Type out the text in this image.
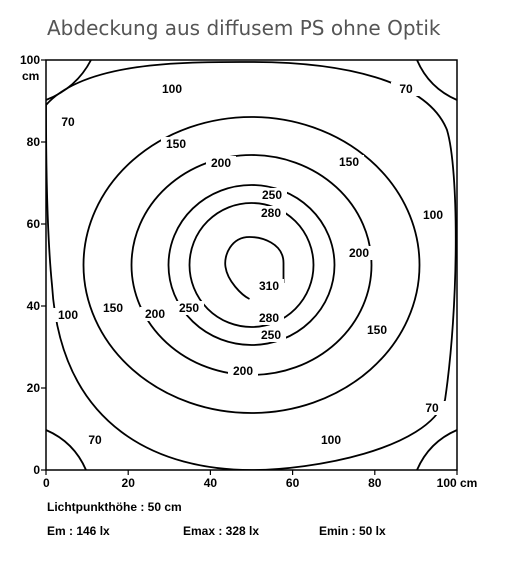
Abdeckung aus diffusem PS ohne Optik
0
0
20
20
40
40
60
60
80
80
100 cm
100
cm
70
70
70
70
100
100
100
100
150
150
150
150
200
200
200
200
250
250
250
280
280
310
Lichtpunkthöhe : 50 cm
Em : 146 lx	Emax : 328 lx	Emin : 50 lx
